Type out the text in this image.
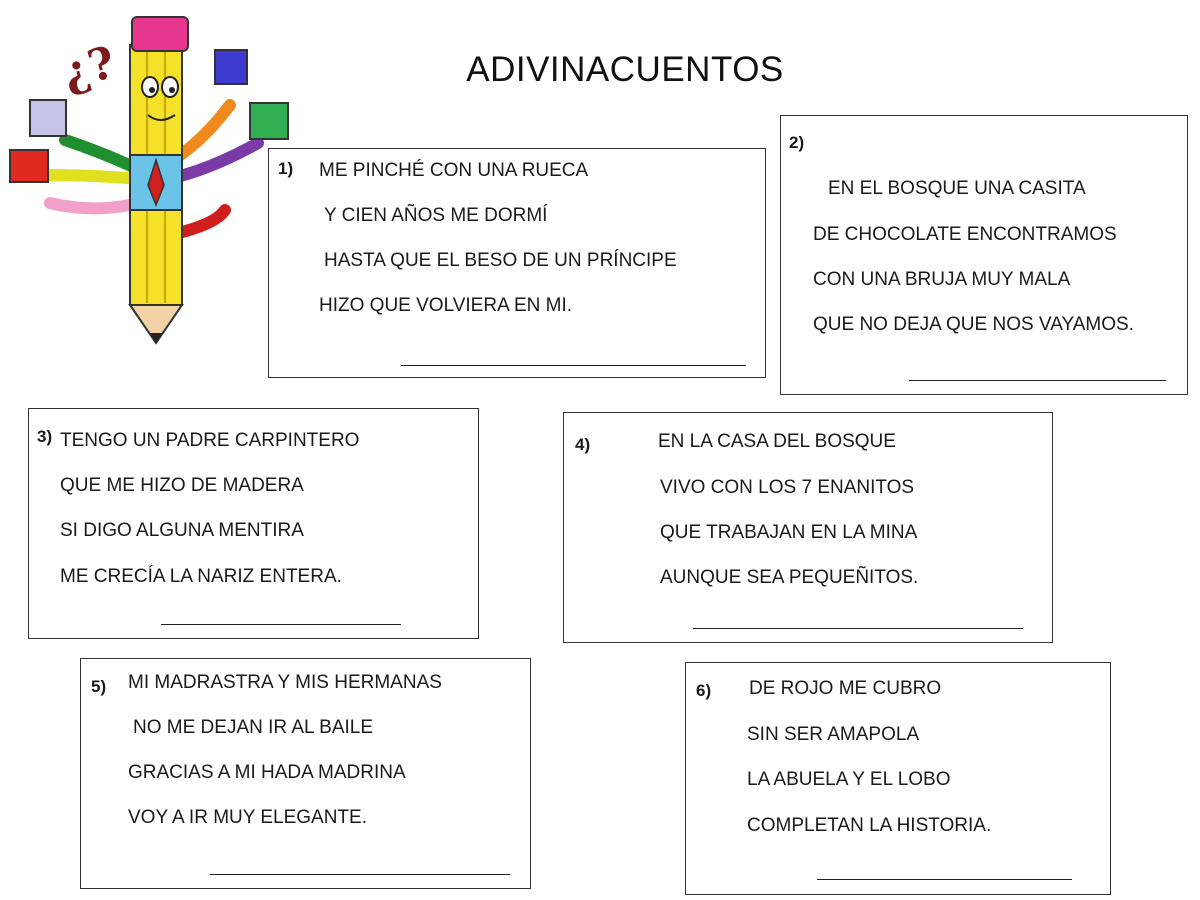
ADIVINACUENTOS
¿?
1) ME PINCHÉ CON UNA RUECA
Y CIEN AÑOS ME DORMÍ
HASTA QUE EL BESO DE UN PRÍNCIPE
HIZO QUE VOLVIERA EN MI.
2)
EN EL BOSQUE UNA CASITA
DE CHOCOLATE ENCONTRAMOS
CON UNA BRUJA MUY MALA
QUE NO DEJA QUE NOS VAYAMOS.
3) TENGO UN PADRE CARPINTERO
QUE ME HIZO DE MADERA
SI DIGO ALGUNA MENTIRA
ME CRECÍA LA NARIZ ENTERA.
4)	EN LA CASA DEL BOSQUE
VIVO CON LOS 7 ENANITOS
QUE TRABAJAN EN LA MINA
AUNQUE SEA PEQUEÑITOS.
5) MI MADRASTRA Y MIS HERMANAS
NO ME DEJAN IR AL BAILE
GRACIAS A MI HADA MADRINA
VOY A IR MUY ELEGANTE.
6) DE ROJO ME CUBRO
SIN SER AMAPOLA
LA ABUELA Y EL LOBO
COMPLETAN LA HISTORIA.
